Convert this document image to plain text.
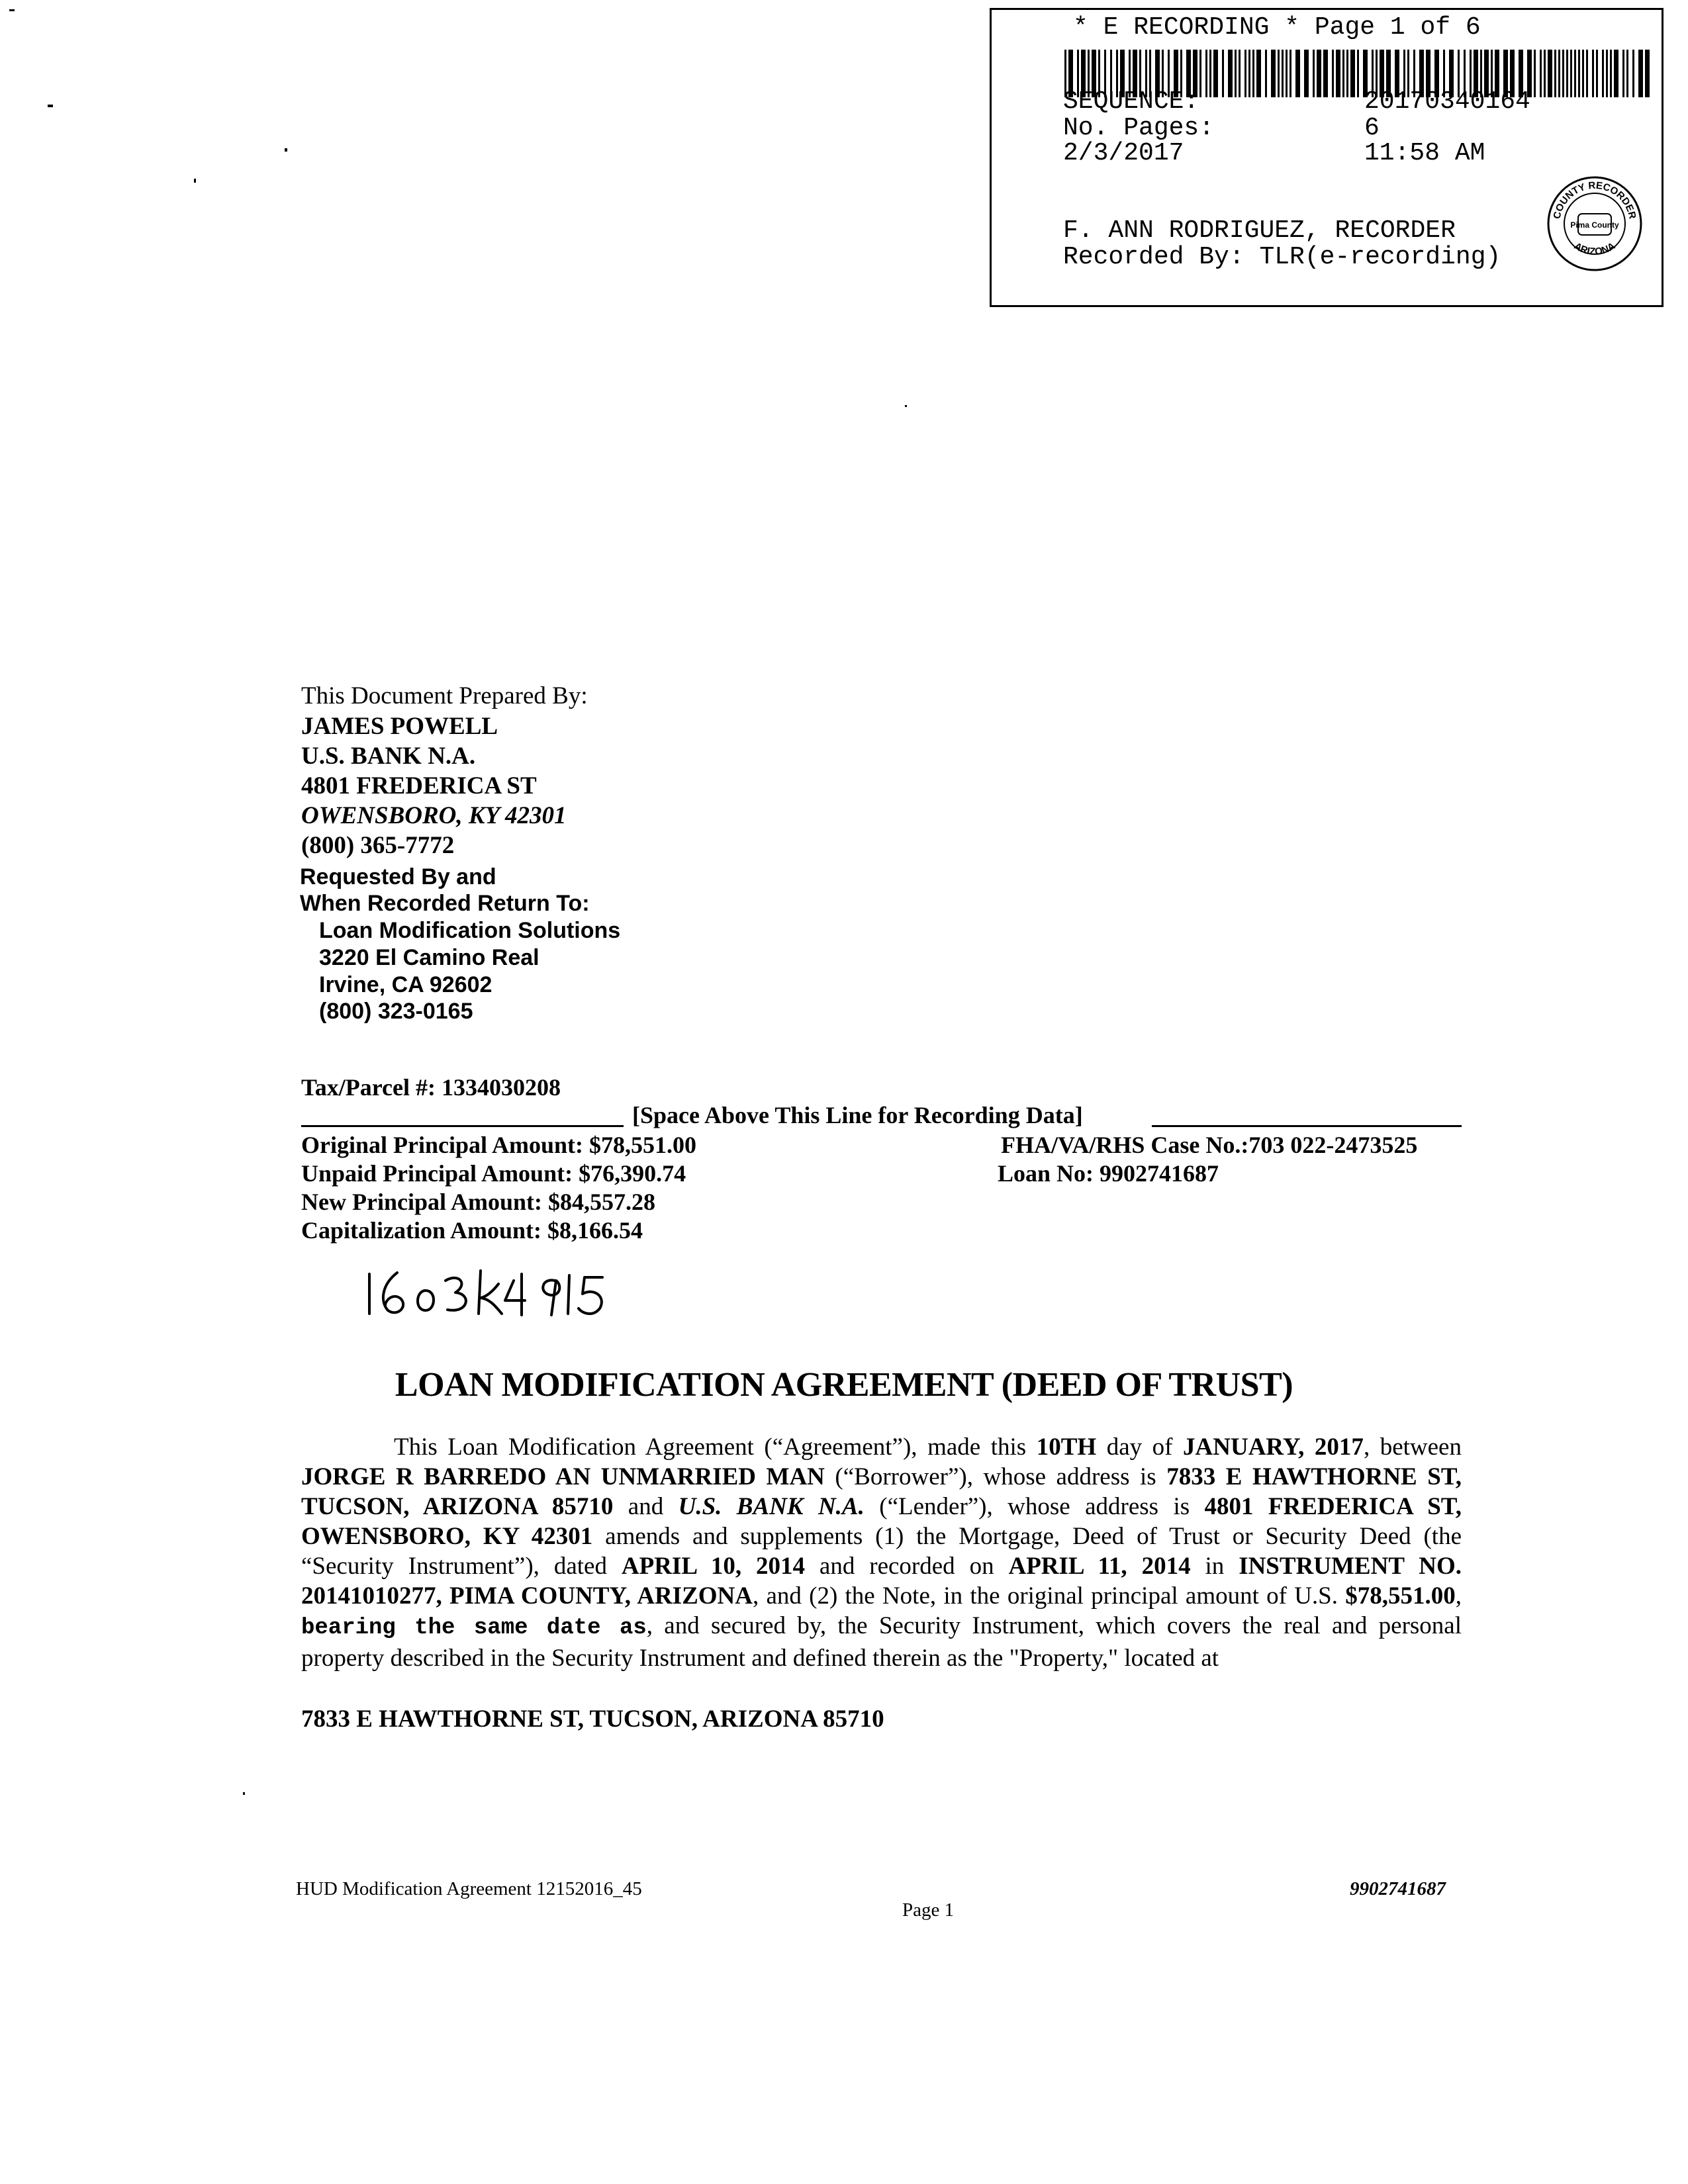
* E RECORDING * Page 1 of 6
SEQUENCE:	20170340164
No. Pages:	6
2/3/2017	11:58 AM
F. ANN RODRIGUEZ, RECORDER
Recorded By: TLR(e-recording)
COUNTY RECORDER
ARIZONA
Pima County
This Document Prepared By:
JAMES POWELL
U.S. BANK N.A.
4801 FREDERICA ST
OWENSBORO, KY 42301
(800) 365-7772
Requested By and
When Recorded Return To:
Loan Modification Solutions
3220 El Camino Real
Irvine, CA 92602
(800) 323-0165
Tax/Parcel #: 1334030208
[Space Above This Line for Recording Data]
Original Principal Amount: $78,551.00
Unpaid Principal Amount: $76,390.74
New Principal Amount: $84,557.28
Capitalization Amount: $8,166.54
FHA/VA/RHS Case No.:703 022-2473525
Loan No: 9902741687
LOAN MODIFICATION AGREEMENT (DEED OF TRUST)

This Loan Modification Agreement (“Agreement”), made this 10TH day of JANUARY, 2017, between JORGE R BARREDO AN UNMARRIED MAN (“Borrower”), whose address is 7833 E HAWTHORNE ST, TUCSON, ARIZONA 85710 and U.S. BANK N.A. (“Lender”), whose address is 4801 FREDERICA ST, OWENSBORO, KY 42301 amends and supplements (1) the Mortgage, Deed of Trust or Security Deed (the “Security Instrument”), dated APRIL 10, 2014 and recorded on APRIL 11, 2014 in INSTRUMENT NO. 20141010277, PIMA COUNTY, ARIZONA, and (2) the Note, in the original principal amount of U.S. $78,551.00, bearing the same date as, and secured by, the Security Instrument, which covers the real and personal property described in the Security Instrument and defined therein as the "Property," located at

7833 E HAWTHORNE ST, TUCSON, ARIZONA 85710
HUD Modification Agreement 12152016_45	9902741687
Page 1
